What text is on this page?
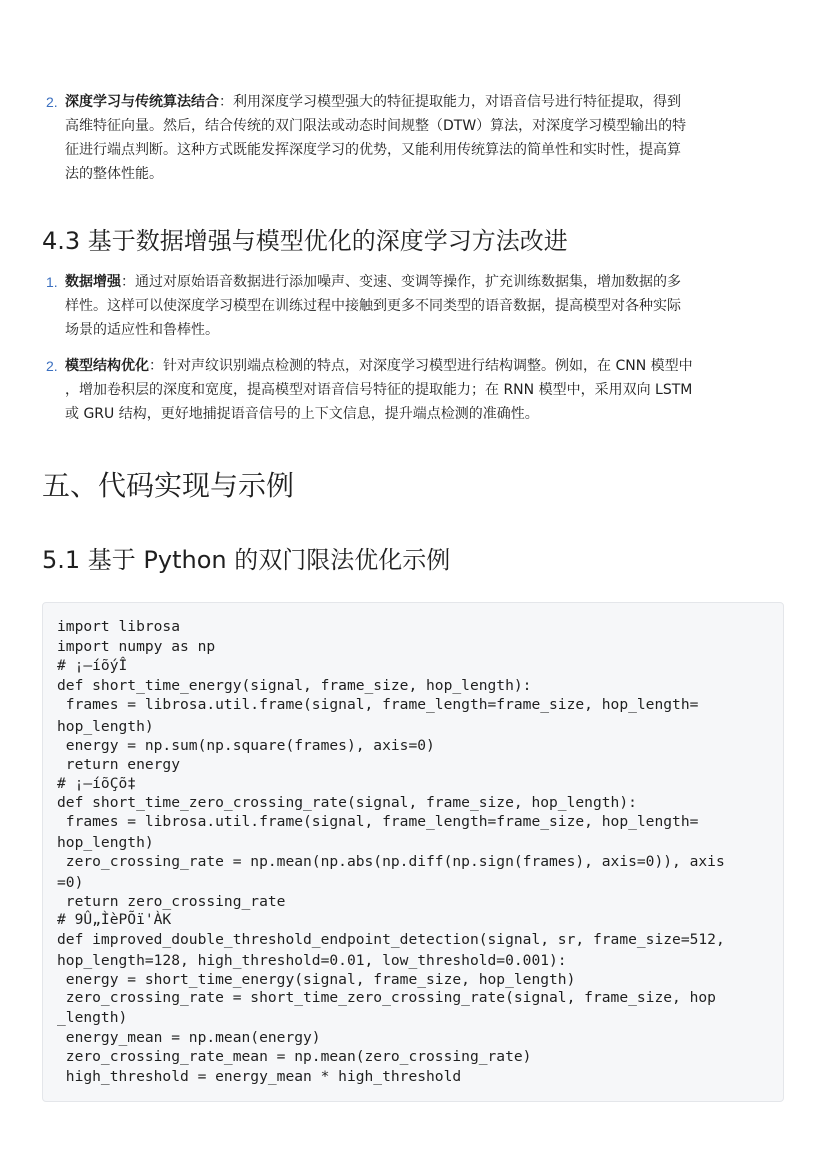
2. 深度学习与传统算法结合：利用深度学习模型强大的特征提取能力，对语音信号进行特征提取，得到
高维特征向量。然后，结合传统的双门限法或动态时间规整（DTW）算法，对深度学习模型输出的特
征进行端点判断。这种方式既能发挥深度学习的优势，又能利用传统算法的简单性和实时性，提高算
法的整体性能。
4.3 基于数据增强与模型优化的深度学习方法改进
1. 数据增强：通过对原始语音数据进行添加噪声、变速、变调等操作，扩充训练数据集，增加数据的多
样性。这样可以使深度学习模型在训练过程中接触到更多不同类型的语音数据，提高模型对各种实际
场景的适应性和鲁棒性。
2. 模型结构优化：针对声纹识别端点检测的特点，对深度学习模型进行结构调整。例如，在 CNN 模型中
，增加卷积层的深度和宽度，提高模型对语音信号特征的提取能力；在 RNN 模型中，采用双向 LSTM
或 GRU 结构，更好地捕捉语音信号的上下文信息，提升端点检测的准确性。
五、代码实现与示例
5.1 基于 Python 的双门限法优化示例
import librosa
import numpy as np
# ¡—íõýÎ
def short_time_energy(signal, frame_size, hop_length):
frames = librosa.util.frame(signal, frame_length=frame_size, hop_length=
hop_length)
energy = np.sum(np.square(frames), axis=0)
return energy
# ¡—íõÇõ‡
def short_time_zero_crossing_rate(signal, frame_size, hop_length):
frames = librosa.util.frame(signal, frame_length=frame_size, hop_length=
hop_length)
zero_crossing_rate = np.mean(np.abs(np.diff(np.sign(frames), axis=0)), axis
=0)
return zero_crossing_rate
# 9Û„ÌèPÕï'ÀK
def improved_double_threshold_endpoint_detection(signal, sr, frame_size=512,
hop_length=128, high_threshold=0.01, low_threshold=0.001):
energy = short_time_energy(signal, frame_size, hop_length)
zero_crossing_rate = short_time_zero_crossing_rate(signal, frame_size, hop
_length)
energy_mean = np.mean(energy)
zero_crossing_rate_mean = np.mean(zero_crossing_rate)
high_threshold = energy_mean * high_threshold
